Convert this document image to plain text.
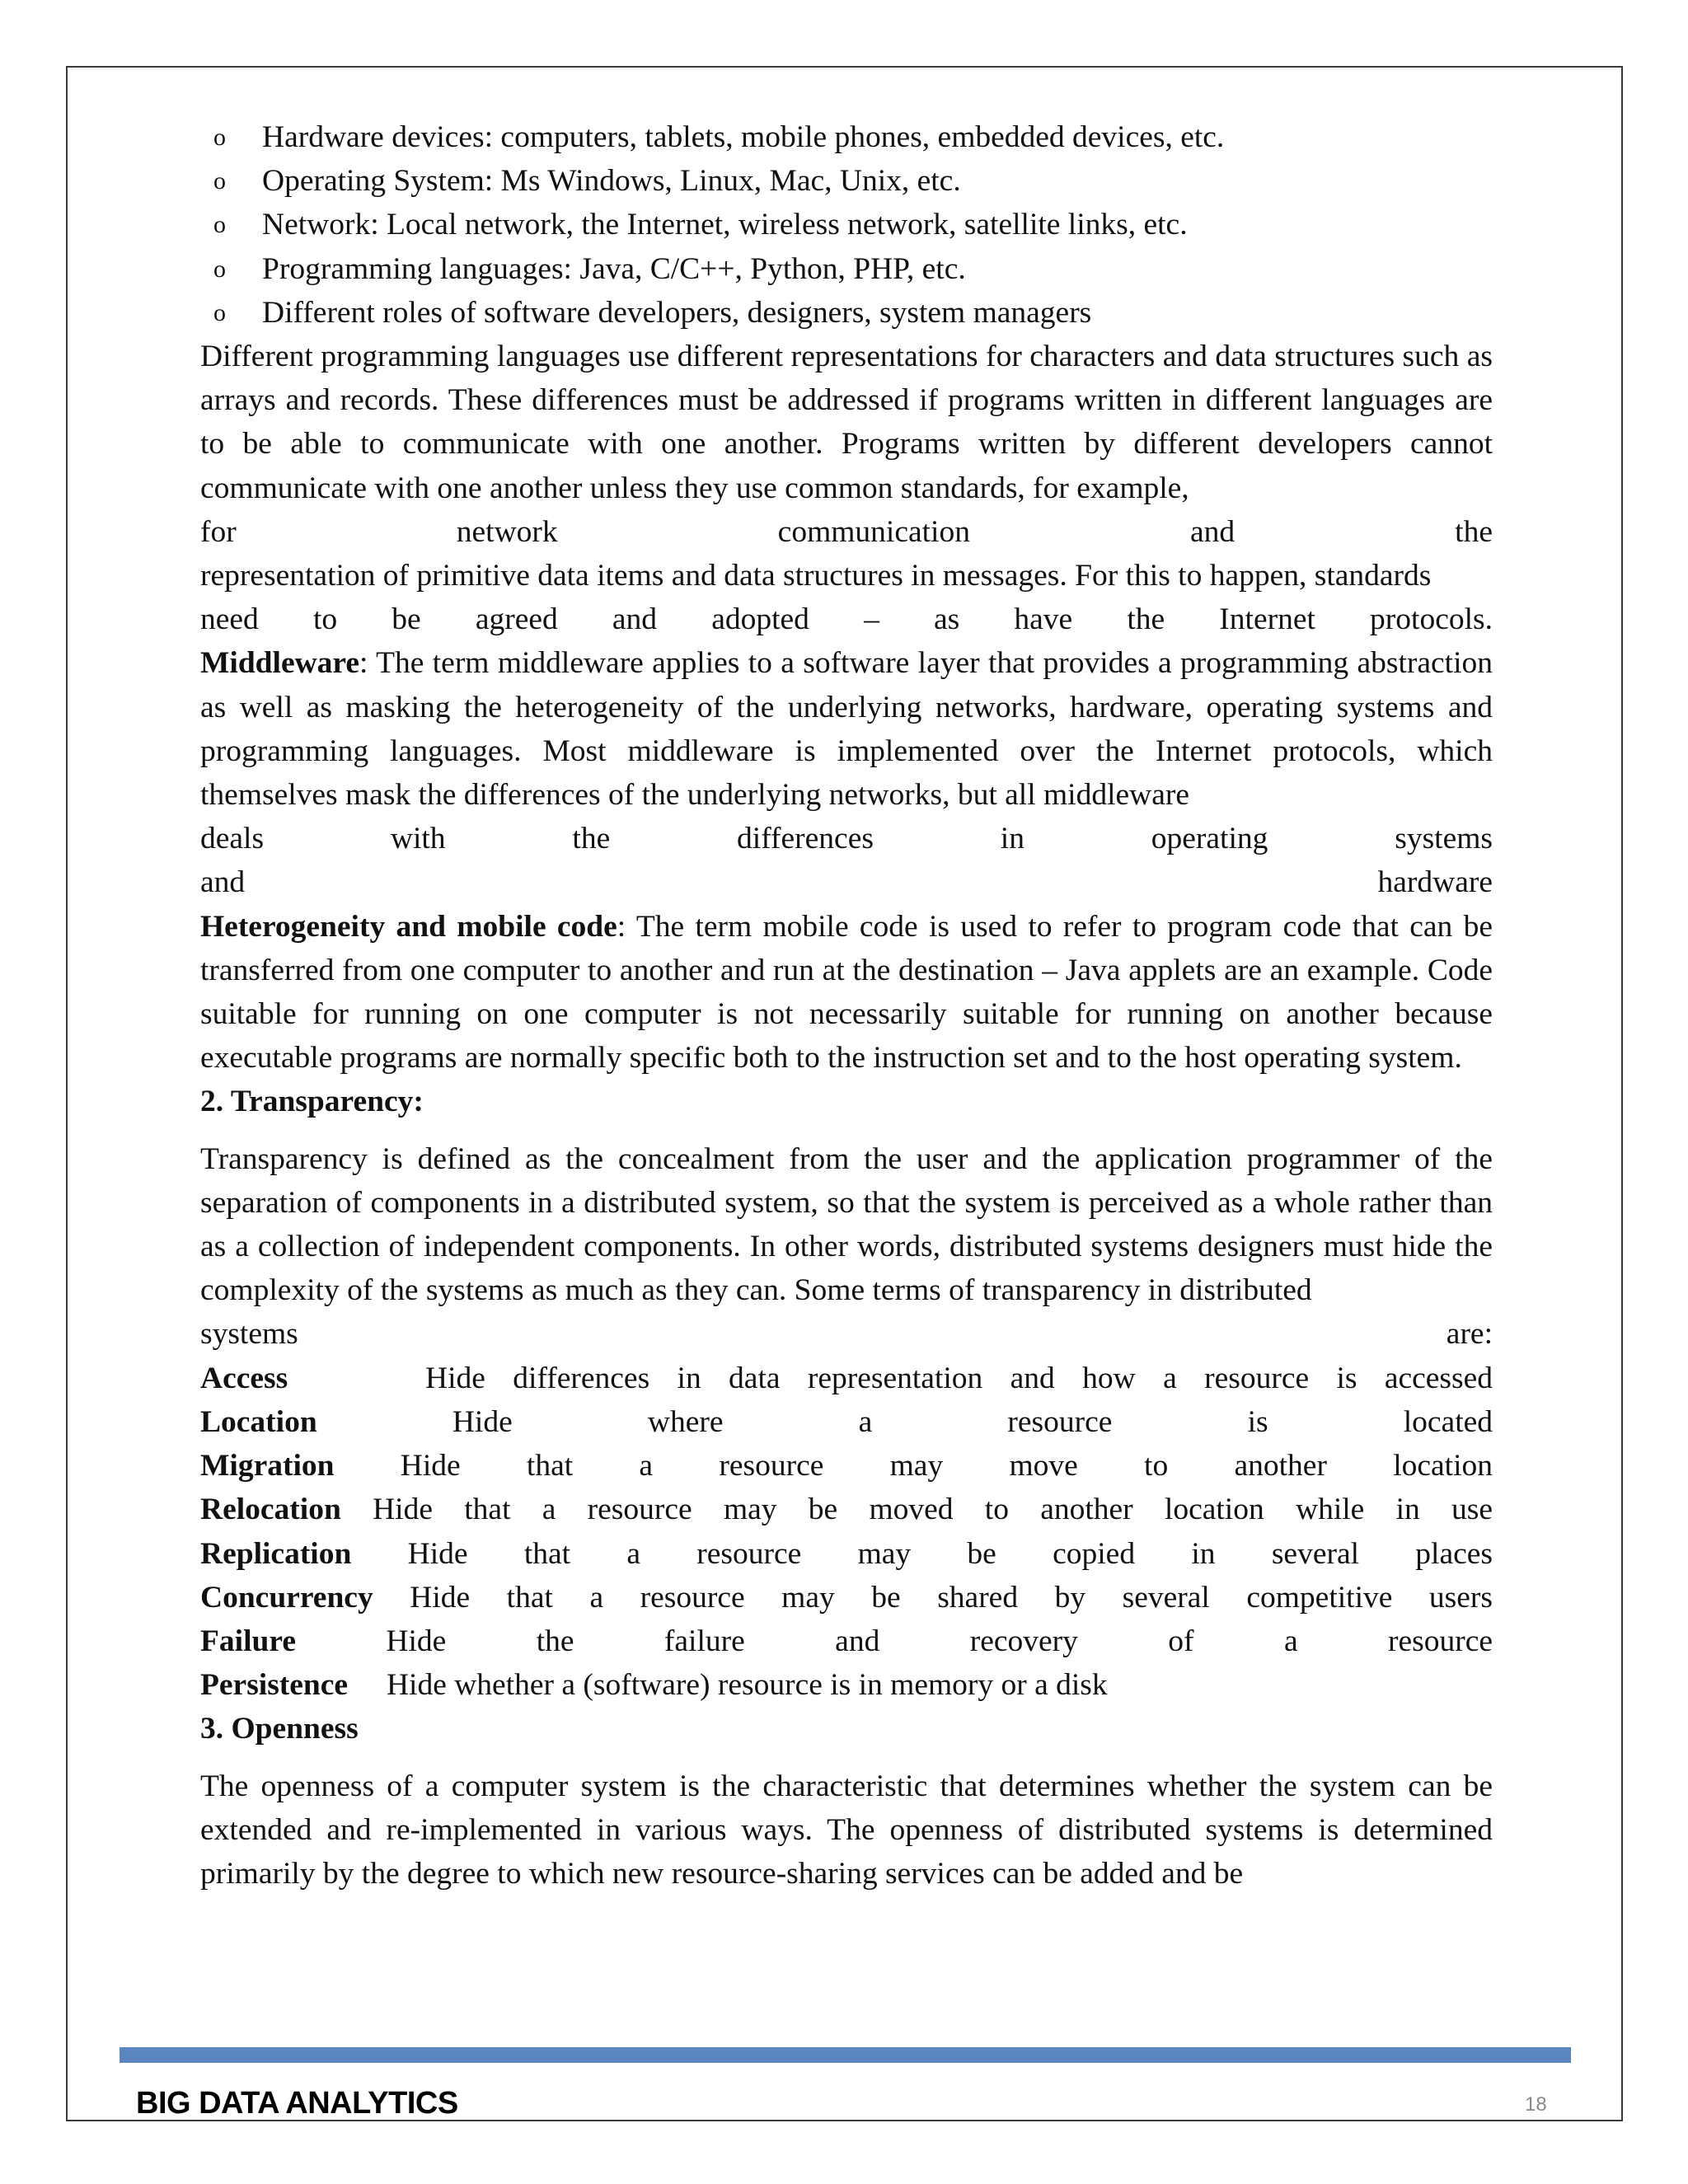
o Hardware devices: computers, tablets, mobile phones, embedded devices, etc.
o Operating System: Ms Windows, Linux, Mac, Unix, etc.
o Network: Local network, the Internet, wireless network, satellite links, etc.
o Programming languages: Java, C/C++, Python, PHP, etc.
o Different roles of software developers, designers, system managers

Different programming languages use different representations for characters and data structures such as arrays and records. These differences must be addressed if programs written in different languages are to be able to communicate with one another. Programs written by different developers cannot communicate with one another unless they use common standards, for example,

for network communication and the
representation of primitive data items and data structures in messages. For this to happen, standards
need to be agreed and adopted – as have the Internet protocols.

Middleware: The term middleware applies to a software layer that provides a programming abstraction as well as masking the heterogeneity of the underlying networks, hardware, operating systems and programming languages. Most middleware is implemented over the Internet protocols, which themselves mask the differences of the underlying networks, but all middleware

deals with the differences in operating systems
and hardware

Heterogeneity and mobile code: The term mobile code is used to refer to program code that can be transferred from one computer to another and run at the destination – Java applets are an example. Code suitable for running on one computer is not necessarily suitable for running on another because executable programs are normally specific both to the instruction set and to the host operating system.

2. Transparency:

Transparency is defined as the concealment from the user and the application programmer of the separation of components in a distributed system, so that the system is perceived as a whole rather than as a collection of independent components. In other words, distributed systems designers must hide the complexity of the systems as much as they can. Some terms of transparency in distributed

systems are:
Access	Hide differences in data representation and how a resource is accessed
Location	Hide where a resource is located
Migration Hide that a resource may move to another location
Relocation Hide that a resource may be moved to another location while in use
Replication Hide that a resource may be copied in several places
Concurrency Hide that a resource may be shared by several competitive users
Failure	Hide the failure and recovery of a resource
Persistence Hide whether a (software) resource is in memory or a disk

3. Openness

The openness of a computer system is the characteristic that determines whether the system can be extended and re-implemented in various ways. The openness of distributed systems is determined primarily by the degree to which new resource-sharing services can be added and be

BIG DATA ANALYTICS	18
